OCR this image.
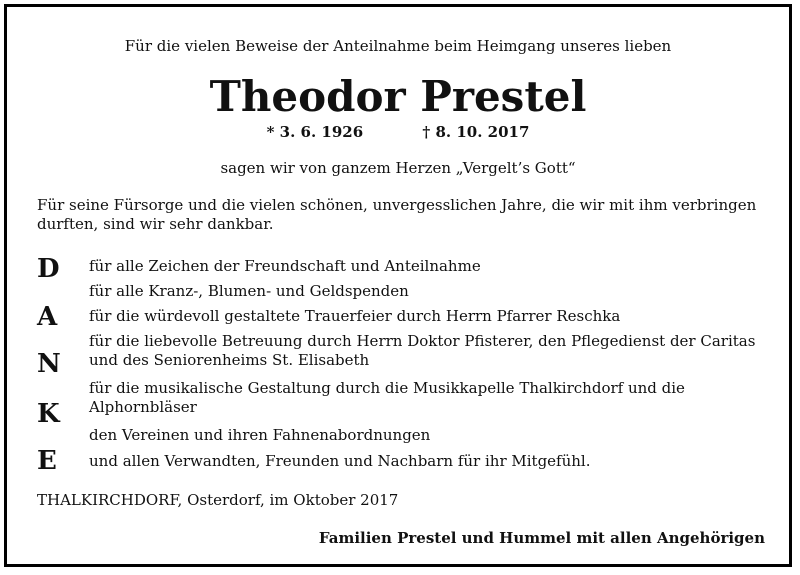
Für die vielen Beweise der Anteilnahme beim Heimgang unseres lieben
Theodor Prestel
* 3. 6. 1926	† 8. 10. 2017
sagen wir von ganzem Herzen „Vergelt’s Gott“
Für seine Fürsorge und die vielen schönen, unvergesslichen Jahre, die wir mit ihm verbringen durften, sind wir sehr dankbar.
D
A
N
K
E
für alle Zeichen der Freundschaft und Anteilnahme
für alle Kranz-, Blumen- und Geldspenden
für die würdevoll gestaltete Trauerfeier durch Herrn Pfarrer Reschka
für die liebevolle Betreuung durch Herrn Doktor Pfisterer, den Pflegedienst der Caritas und des Seniorenheims St. Elisabeth
für die musikalische Gestaltung durch die Musikkapelle Thalkirchdorf und die Alphornbläser
den Vereinen und ihren Fahnenabordnungen
und allen Verwandten, Freunden und Nachbarn für ihr Mitgefühl.
THALKIRCHDORF, Osterdorf, im Oktober 2017
Familien Prestel und Hummel mit allen Angehörigen
